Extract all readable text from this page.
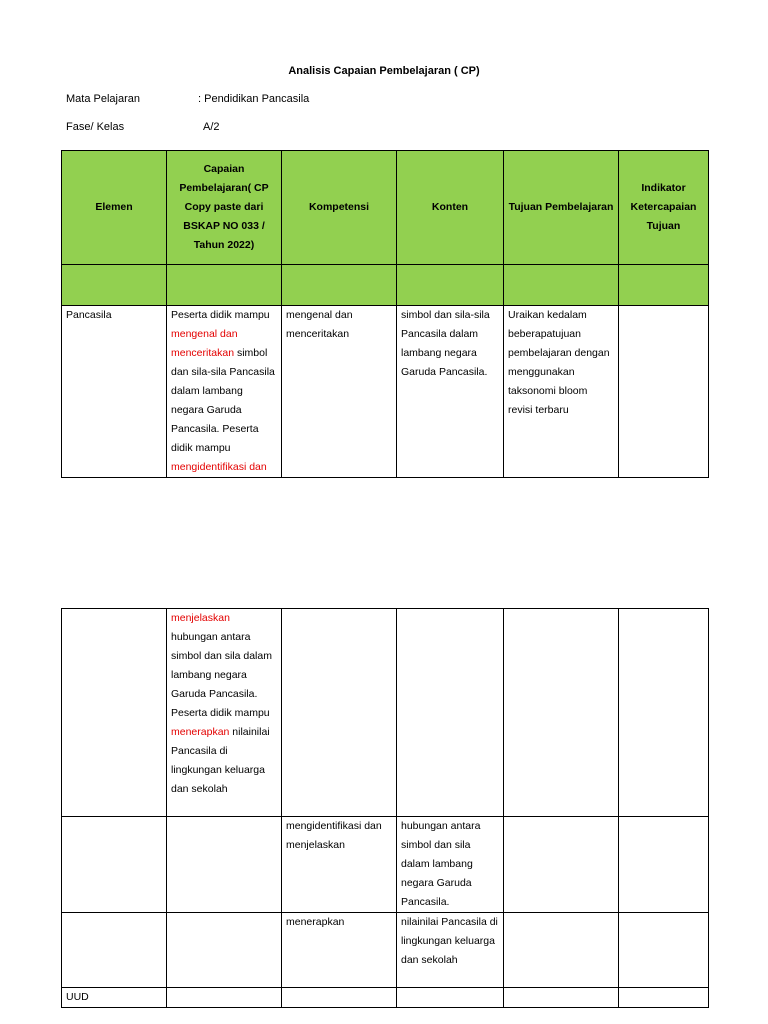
Analisis Capaian Pembelajaran ( CP)
Mata Pelajaran	: Pendidikan Pancasila
Fase/ Kelas	A/2
Elemen	Capaian Pembelajaran( CP Copy paste dari BSKAP NO 033 / Tahun 2022)	Kompetensi	Konten	Tujuan Pembelajaran	Indikator Ketercapaian Tujuan

Pancasila	Peserta didik mampu mengenal dan menceritakan simbol dan sila-sila Pancasila dalam lambang negara Garuda Pancasila. Peserta didik mampu mengidentifikasi dan	mengenal dan menceritakan	simbol dan sila-sila Pancasila dalam lambang negara Garuda Pancasila.	Uraikan kedalam beberapatujuan pembelajaran dengan menggunakan taksonomi bloom revisi terbaru	
	menjelaskan hubungan antara simbol dan sila dalam lambang negara Garuda Pancasila. Peserta didik mampu menerapkan nilainilai Pancasila di lingkungan keluarga dan sekolah				
		mengidentifikasi dan menjelaskan	hubungan antara simbol dan sila dalam lambang negara Garuda Pancasila.		
		menerapkan	nilainilai Pancasila di lingkungan keluarga dan sekolah		
UUD					
